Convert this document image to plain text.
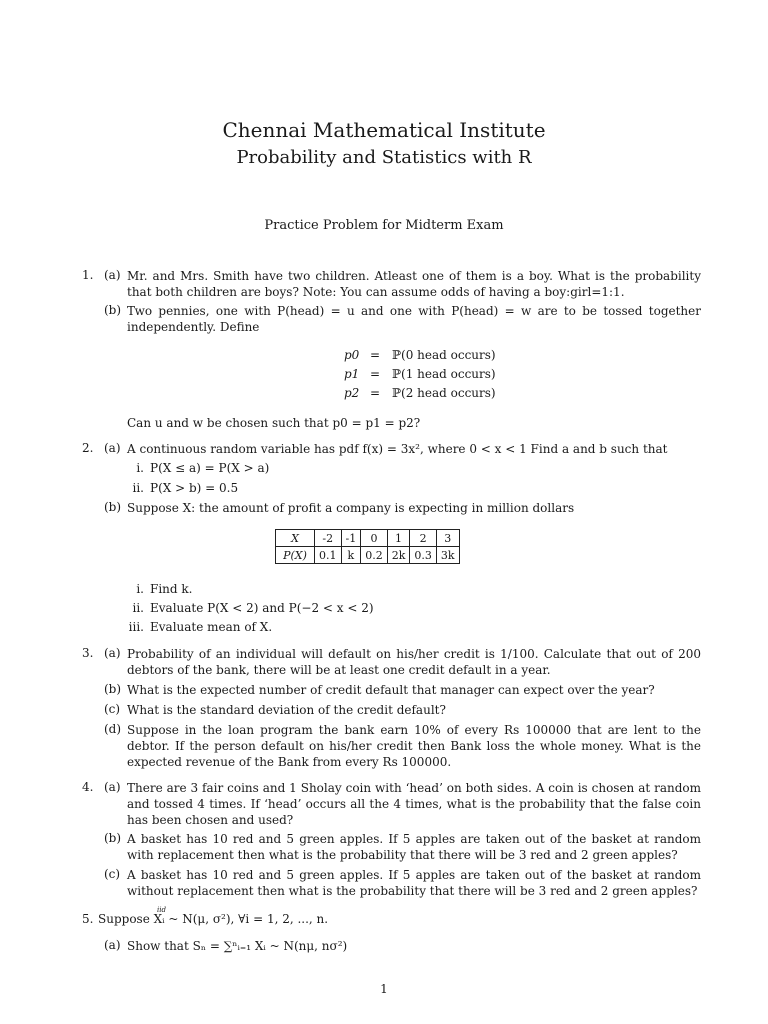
Chennai Mathematical Institute
Probability and Statistics with R
Practice Problem for Midterm Exam
1. (a) Mr. and Mrs. Smith have two children. Atleast one of them is a boy. What is the probability that both children are boys? Note: You can assume odds of having a boy:girl=1:1.
(b) Two pennies, one with P(head) = u and one with P(head) = w are to be tossed together independently. Define
p0 = ℙ(0 head occurs)
p1 = ℙ(1 head occurs)
p2 = ℙ(2 head occurs)
Can u and w be chosen such that p0 = p1 = p2?
2. (a) A continuous random variable has pdf f(x) = 3x², where 0 < x < 1 Find a and b such that
i. P(X ≤ a) = P(X > a)
ii. P(X > b) = 0.5
(b) Suppose X: the amount of profit a company is expecting in million dollars
X	-2	-1	0	1	2	3
P(X)	0.1	k	0.2	2k	0.3	3k
i. Find k.
ii. Evaluate P(X < 2) and P(−2 < x < 2)
iii. Evaluate mean of X.
3. (a) Probability of an individual will default on his/her credit is 1/100. Calculate that out of 200 debtors of the bank, there will be at least one credit default in a year.
(b) What is the expected number of credit default that manager can expect over the year?
(c) What is the standard deviation of the credit default?
(d) Suppose in the loan program the bank earn 10% of every Rs 100000 that are lent to the debtor. If the person default on his/her credit then Bank loss the whole money. What is the expected revenue of the Bank from every Rs 100000.
4. (a) There are 3 fair coins and 1 Sholay coin with ‘head’ on both sides. A coin is chosen at random and tossed 4 times. If ‘head’ occurs all the 4 times, what is the probability that the false coin has been chosen and used?
(b) A basket has 10 red and 5 green apples. If 5 apples are taken out of the basket at random with replacement then what is the probability that there will be 3 red and 2 green apples?
(c) A basket has 10 red and 5 green apples. If 5 apples are taken out of the basket at random without replacement then what is the probability that there will be 3 red and 2 green apples?
5.
iid
Suppose Xᵢ ~ N(μ, σ²), ∀i = 1, 2, ..., n.
(a) Show that Sₙ = ∑ⁿᵢ₌₁ Xᵢ ~ N(nμ, nσ²)
1
